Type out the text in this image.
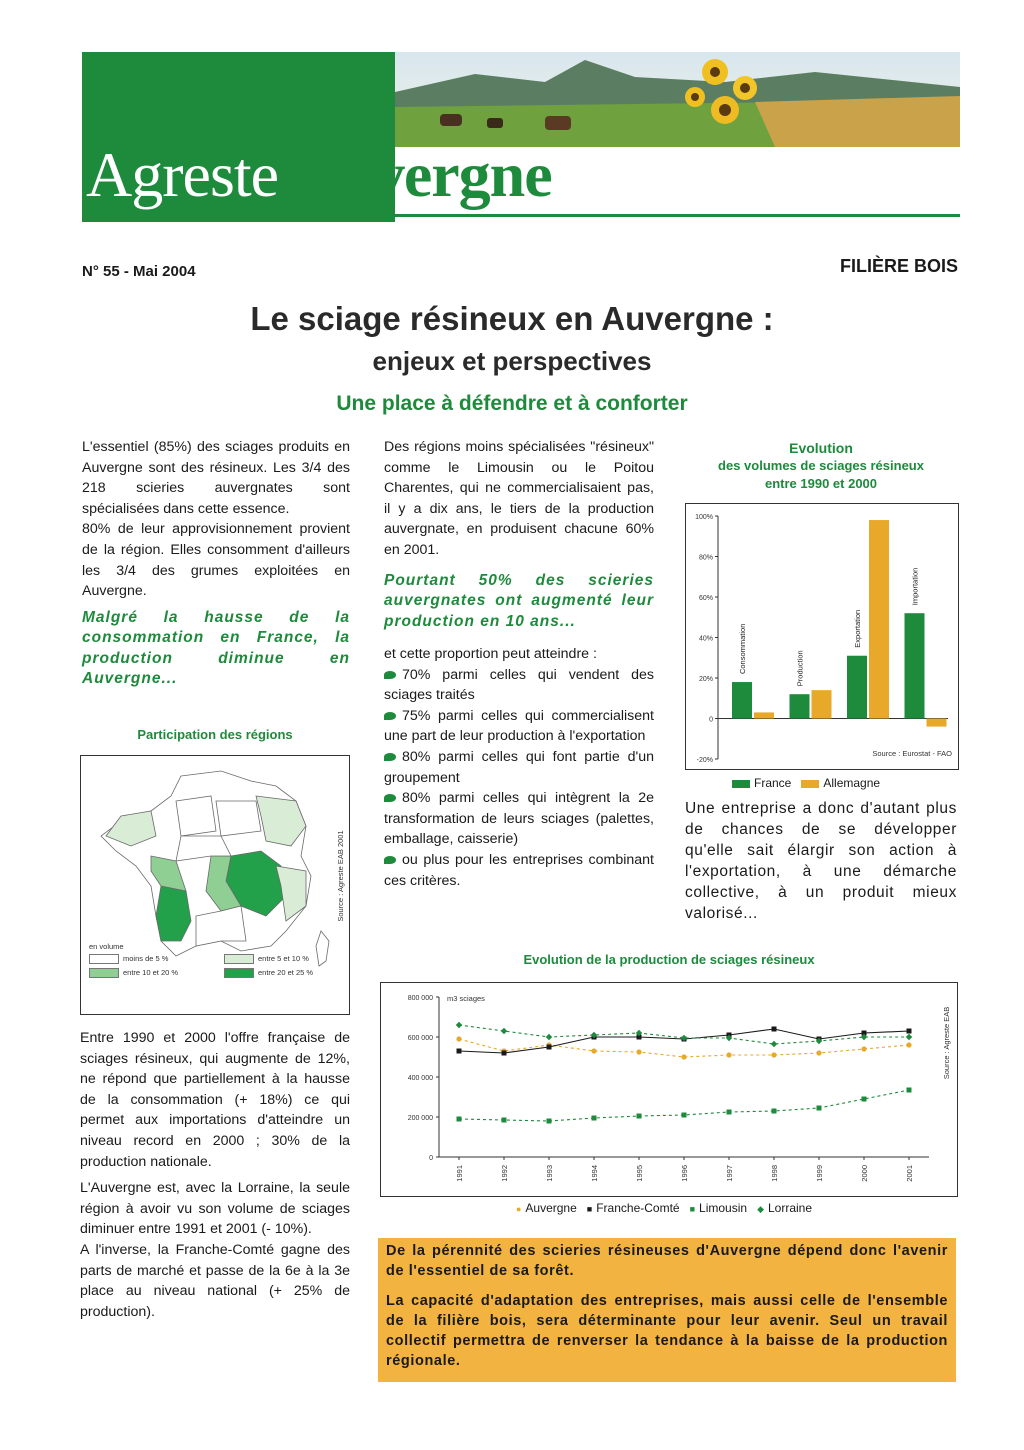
Agreste Auvergne
N° 55 - Mai 2004	FILIÈRE BOIS
Le sciage résineux en Auvergne :
enjeux et perspectives
Une place à défendre et à conforter

L'essentiel (85%) des sciages produits en Auvergne sont des résineux. Les 3/4 des 218 scieries auvergnates sont spécialisées dans cette essence.

80% de leur approvisionnement provient de la région. Elles consomment d'ailleurs les 3/4 des grumes exploitées en Auvergne.

Malgré la hausse de la consommation en France, la production diminue en Auvergne...

Participation des régions
Source : Agreste EAB 2001
en volume
moins de 5 %	entre 5 et 10 %
entre 10 et 20 %	entre 20 et 25 %

Entre 1990 et 2000 l'offre française de sciages résineux, qui augmente de 12%, ne répond que partiellement à la hausse de la consommation (+ 18%) ce qui permet aux importations d'atteindre un niveau record en 2000 ; 30% de la production nationale.

L'Auvergne est, avec la Lorraine, la seule région à avoir vu son volume de sciages diminuer entre 1991 et 2001 (- 10%).

A l'inverse, la Franche-Comté gagne des parts de marché et passe de la 6e à la 3e place au niveau national (+ 25% de production).

Des régions moins spécialisées "résineux" comme le Limousin ou le Poitou Charentes, qui ne commercialisaient pas, il y a dix ans, le tiers de la production auvergnate, en produisent chacune 60% en 2001.

Pourtant 50% des scieries auvergnates ont augmenté leur production en 10 ans...

et cette proportion peut atteindre :

70% parmi celles qui vendent des sciages traités

75% parmi celles qui commercialisent une part de leur production à l'exportation

80% parmi celles qui font partie d'un groupement

80% parmi celles qui intègrent la 2e transformation de leurs sciages (palettes, emballage, caisserie)

ou plus pour les entreprises combinant ces critères.

Evolution
des volumes de sciages résineux
entre 1990 et 2000
-20%
0
20%
40%
60%
80%
100%
Consommation	Production
Exportation
Importation
Source : Eurostat - FAO
France	Allemagne

Une entreprise a donc d'autant plus de chances de se développer qu'elle sait élargir son action à l'exportation, à une démarche collective, à un produit mieux valorisé...

Evolution de la production de sciages résineux
0
200 000
400 000
600 000
800 000 m3 sciages
1991	1992	1993	1994	1995	1996	1997	1998	1999	2000	2001
Source : Agreste EAB
● Auvergne ■ Franche-Comté ■ Limousin ◆ Lorraine

De la pérennité des scieries résineuses d'Auvergne dépend donc l'avenir de l'essentiel de sa forêt.

La capacité d'adaptation des entreprises, mais aussi celle de l'ensemble de la filière bois, sera déterminante pour leur avenir. Seul un travail collectif permettra de renverser la tendance à la baisse de la production régionale.
